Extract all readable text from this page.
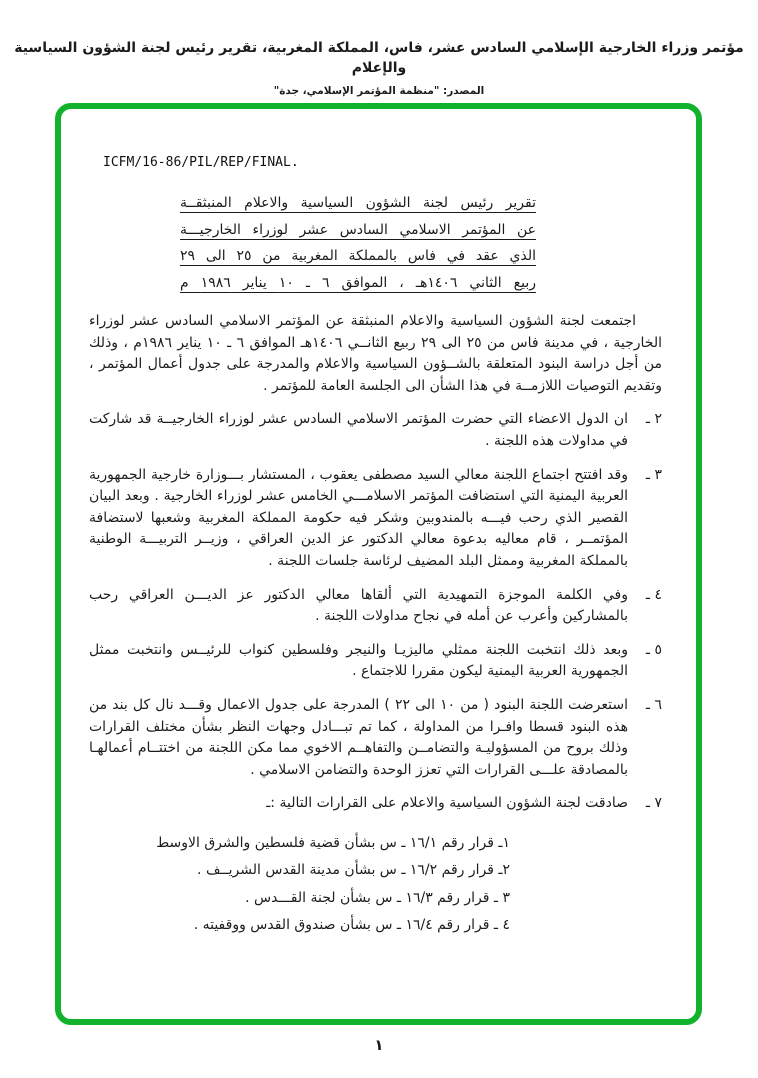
مؤتمر وزراء الخارجية الإسلامي السادس عشر، فاس، المملكة المغربية، تقرير رئيس لجنة الشؤون السياسية والإعلام
المصدر: "منظمة المؤتمر الإسلامي، جدة"
ICFM/16-86/PIL/REP/FINAL.
تقرير رئيس لجنة الشؤون السياسية والاعلام المنبثقــة
عن المؤتمر الاسلامي السادس عشر لوزراء الخارجيـــة
الذي عقد في فاس بالمملكة المغربية من ٢٥ الى ٢٩
ربيع الثاني ١٤٠٦هـ ، الموافق ٦ ـ ١٠ يناير ١٩٨٦ م

اجتمعت لجنة الشؤون السياسية والاعلام المنبثقة عن المؤتمر الاسلامي السادس عشر لوزراء الخارجية ، في مدينة فاس من ٢٥ الى ٢٩ ربيع الثانــي ١٤٠٦هـ الموافق ٦ ـ ١٠ يناير ١٩٨٦م ، وذلك من أجل دراسة البنود المتعلقة بالشــؤون السياسية والاعلام والمدرجة على جدول أعمال المؤتمر ، وتقديم التوصيات اللازمــة في هذا الشأن الى الجلسة العامة للمؤتمر .

٢ ـ
ان الدول الاعضاء التي حضرت المؤتمر الاسلامي السادس عشر لوزراء الخارجيــة قد شاركت في مداولات هذه اللجنة .
٣ ـ
وقد افتتح اجتماع اللجنة معالي السيد مصطفى يعقوب ، المستشار بـــوزارة خارجية الجمهورية العربية اليمنية التي استضافت المؤتمر الاسلامـــي الخامس عشر لوزراء الخارجية . وبعد البيان القصير الذي رحب فيـــه بالمندوبين وشكر فيه حكومة المملكة المغربية وشعبها لاستضافة المؤتمــر ، قام معاليه بدعوة معالي الدكتور عز الدين العراقي ، وزيــر التربيـــة الوطنية بالمملكة المغربية وممثل البلد المضيف لرئاسة جلسات اللجنة .
٤ ـ
وفي الكلمة الموجزة التمهيدية التي ألقاها معالي الدكتور عز الديـــن العراقي رحب بالمشاركين وأعرب عن أمله في نجاح مداولات اللجنة .
٥ ـ
وبعد ذلك انتخبت اللجنة ممثلي ماليزيـا والنيجر وفلسطين كنواب للرئيــس وانتخبت ممثل الجمهورية العربية اليمنية ليكون مقررا للاجتماع .
٦ ـ
استعرضت اللجنة البنود ( من ١٠ الى ٢٢ ) المدرجة على جدول الاعمال وقـــد نال كل بند من هذه البنود قسطا وافـرا من المداولة ، كما تم تبـــادل وجهات النظر بشأن مختلف القرارات وذلك بروح من المسؤوليـة والتضامــن والتفاهــم الاخوي مما مكن اللجنة من اختتــام أعمالهـا بالمصادقة علـــى القرارات التي تعزز الوحدة والتضامن الاسلامي .
٧ ـ
صادقت لجنة الشؤون السياسية والاعلام على القرارات التالية :ـ
١ـ قرار رقم ١٦/١ ـ س بشأن قضية فلسطين والشرق الاوسط
٢ـ قرار رقم ١٦/٢ ـ س بشأن مدينة القدس الشريــف .
٣ ـ قرار رقم ١٦/٣ ـ س بشأن لجنة القـــدس .
٤ ـ قرار رقم ١٦/٤ ـ س بشأن صندوق القدس ووقفيته .
١
